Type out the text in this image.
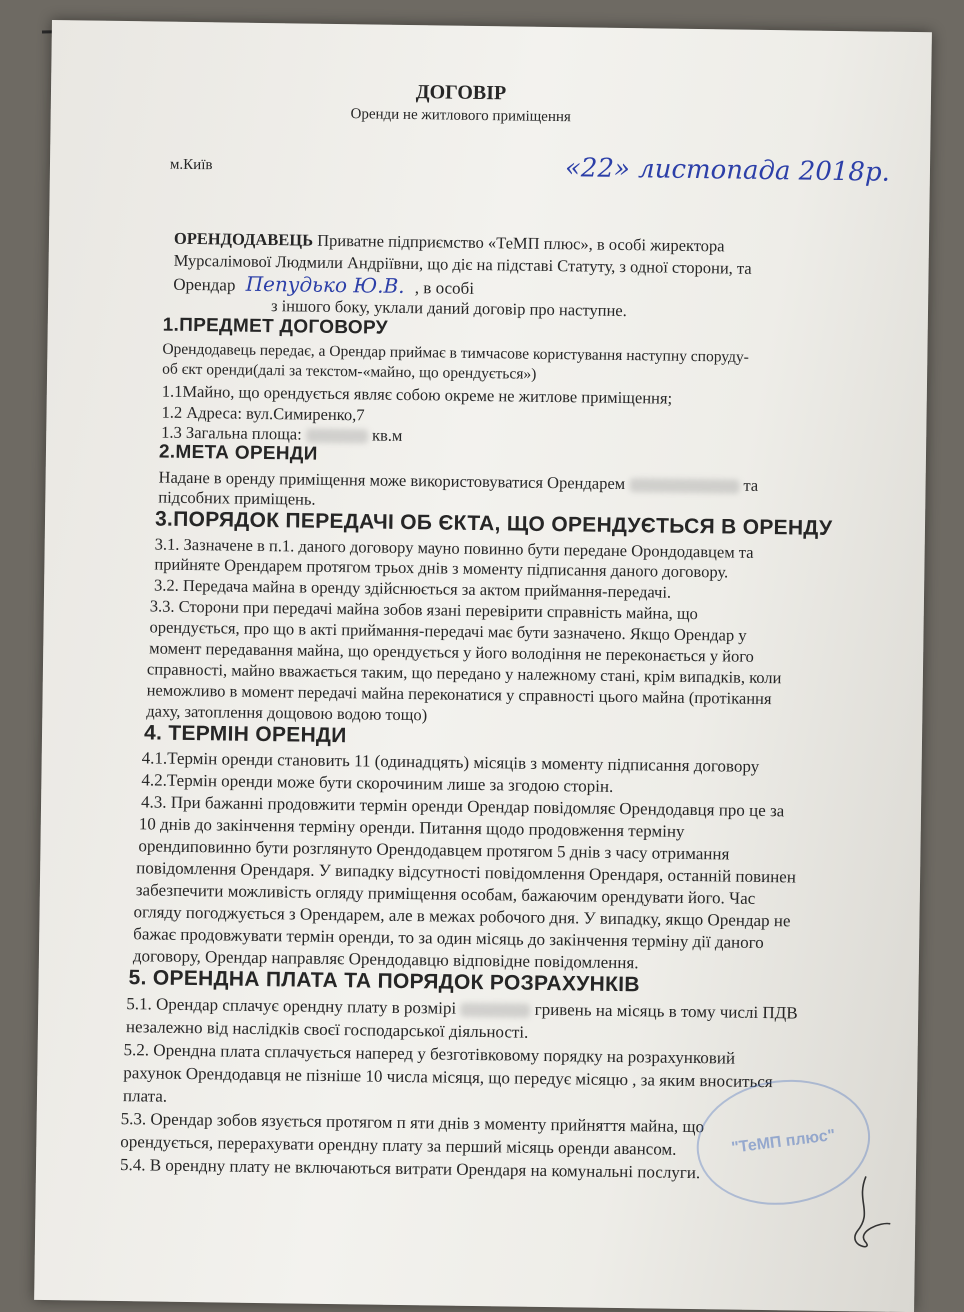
ДОГОВІР
Оренди не житлового приміщення
м.Київ	«22» листопада 2018р.
ОРЕНДОДАВЕЦЬ Приватне підприємство «ТеМП плюс», в особі жиректора
Мурсалімової Людмили Андріївни, що діє на підставі Статуту, з одної сторони, та
Орендар Пепудько Ю.В. , в особі
з іншого боку, уклали даний договір про наступне.
1.ПРЕДМЕТ ДОГОВОРУ
Орендодавець передає, а Орендар приймає в тимчасове користування наступну споруду-
об єкт оренди(далі за текстом-«майно, що орендується»)
1.1Майно, що орендується являє собою окреме не житлове приміщення;
1.2 Адреса: вул.Симиренко,7
1.3 Загальна площа:	кв.м
2.МЕТА ОРЕНДИ
Надане в оренду приміщення може використовуватися Орендарем	та
підсобних приміщень.
3.ПОРЯДОК ПЕРЕДАЧІ ОБ ЄКТА, ЩО ОРЕНДУЄТЬСЯ В ОРЕНДУ
3.1. Зазначене в п.1. даного договору мауно повинно бути передане Орондодавцем та
прийняте Орендарем протягом трьох днів з моменту підписання даного договору.
3.2. Передача майна в оренду здійснюється за актом приймання-передачі.
3.3. Сторони при передачі майна зобов язані перевірити справність майна, що
орендується, про що в акті приймання-передачі має бути зазначено. Якщо Орендар у
момент передавання майна, що орендується у його володіння не переконається у його
справності, майно вважається таким, що передано у належному стані, крім випадків, коли
неможливо в момент передачі майна переконатися у справності цього майна (протікання
даху, затоплення дощовою водою тощо)
4. ТЕРМІН ОРЕНДИ
4.1.Термін оренди становить 11 (одинадцять) місяців з моменту підписання договору
4.2.Термін оренди може бути скорочиним лише за згодою сторін.
4.3. При бажанні продовжити термін оренди Орендар повідомляє Орендодавця про це за
10 днів до закінчення терміну оренди. Питання щодо продовження терміну
орендиповинно бути розглянуто Орендодавцем протягом 5 днів з часу отримання
повідомлення Орендаря. У випадку відсутності повідомлення Орендаря, останній повинен
забезпечити можливість огляду приміщення особам, бажаючим орендувати його. Час
огляду погоджується з Орендарем, але в межах робочого дня. У випадку, якщо Орендар не
бажає продовжувати термін оренди, то за один місяць до закінчення терміну дії даного
договору, Орендар направляє Орендодавцю відповідне повідомлення.
5. ОРЕНДНА ПЛАТА ТА ПОРЯДОК РОЗРАХУНКІВ
5.1. Орендар сплачує орендну плату в розмірі	гривень на місяць в тому числі ПДВ
незалежно від наслідків своєї господарської діяльності.
5.2. Орендна плата сплачується наперед у безготівковому порядку на розрахунковий
рахунок Орендодавця не пізніше 10 числа місяця, що передує місяцю , за яким вноситься
плата.
5.3. Орендар зобов язується протягом п яти днів з моменту прийняття майна, що
орендується, перерахувати орендну плату за перший місяць оренди авансом.
5.4. В орендну плату не включаються витрати Орендаря на комунальні послуги.
"ТеМП плюс"
